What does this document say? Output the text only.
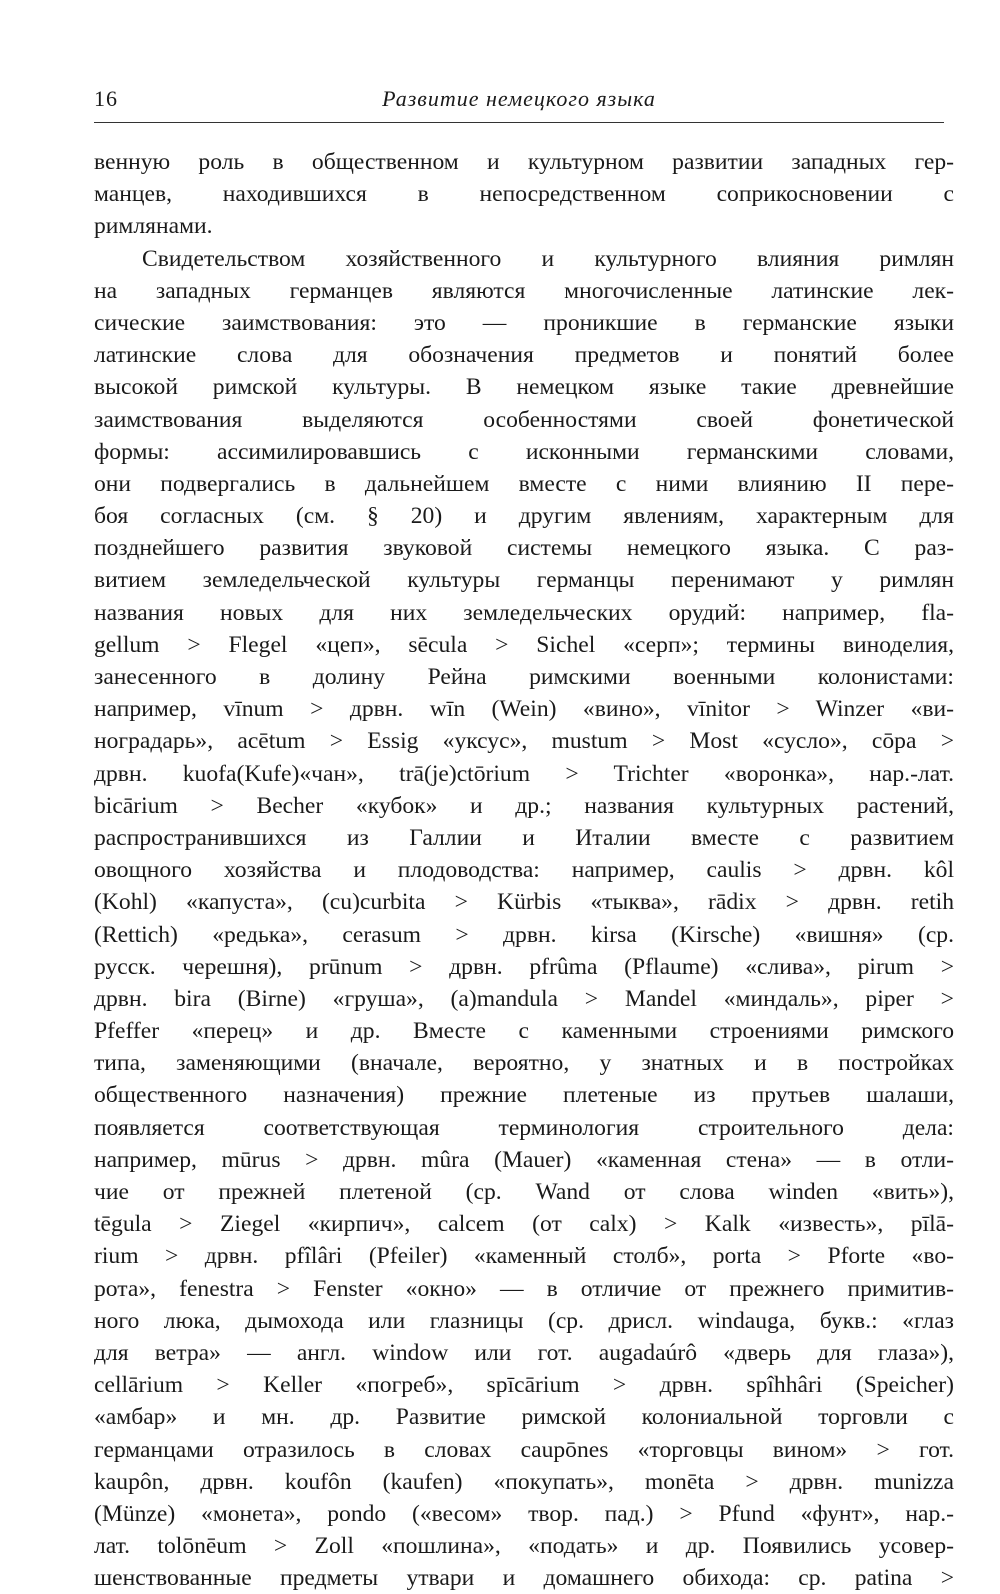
16	Развитие немецкого языка
венную роль в общественном и культурном развитии западных гер-
манцев, находившихся в непосредственном соприкосновении с
римлянами.
Свидетельством хозяйственного и культурного влияния римлян
на западных германцев являются многочисленные латинские лек-
сические заимствования: это — проникшие в германские языки
латинские слова для обозначения предметов и понятий более
высокой римской культуры. В немецком языке такие древнейшие
заимствования выделяются особенностями своей фонетической
формы: ассимилировавшись с исконными германскими словами,
они подвергались в дальнейшем вместе с ними влиянию II пере-
боя согласных (см. § 20) и другим явлениям, характерным для
позднейшего развития звуковой системы немецкого языка. С раз-
витием земледельческой культуры германцы перенимают у римлян
названия новых для них земледельческих орудий: например, fla-
gellum > Flegel «цеп», sēcula > Sichel «серп»; термины виноделия,
занесенного в долину Рейна римскими военными колонистами:
например, vīnum > дрвн. wīn (Wein) «вино», vīnitor > Winzer «ви-
ноградарь», acētum > Essig «уксус», mustum > Most «сусло», cōpa >
дрвн. kuofa(Kufe)«чан», trā(je)ctōrium > Trichter «воронка», нар.-лат.
bicārium > Becher «кубок» и др.; названия культурных растений,
распространившихся из Галлии и Италии вместе с развитием
овощного хозяйства и плодоводства: например, caulis > дрвн. kôl
(Kohl) «капуста», (cu)curbita > Kürbis «тыква», rādix > дрвн. retih
(Rettich) «редька», cerasum > дрвн. kirsa (Kirsche) «вишня» (ср.
русск. черешня), prūnum > дрвн. pfrûma (Pflaume) «слива», pirum >
дрвн. bira (Birne) «груша», (a)mandula > Mandel «миндаль», piper >
Pfeffer «перец» и др. Вместе с каменными строениями римского
типа, заменяющими (вначале, вероятно, у знатных и в постройках
общественного назначения) прежние плетеные из прутьев шалаши,
появляется соответствующая терминология строительного дела:
например, mūrus > дрвн. mûra (Mauer) «каменная стена» — в отли-
чие от прежней плетеной (ср. Wand от слова winden «вить»),
tēgula > Ziegel «кирпич», calcem (от calx) > Kalk «известь», pīlā-
rium > дрвн. pfîlâri (Pfeiler) «каменный столб», porta > Pforte «во-
рота», fenestra > Fenster «окно» — в отличие от прежнего примитив-
ного люка, дымохода или глазницы (ср. дрисл. windauga, букв.: «глаз
для ветра» — англ. window или гот. augadaúrô «дверь для глаза»),
cellārium > Keller «погреб», spīcārium > дрвн. spîhhâri (Speicher)
«амбар» и мн. др. Развитие римской колониальной торговли с
германцами отразилось в словах caupōnes «торговцы вином» > гот.
kaupôn, дрвн. koufôn (kaufen) «покупать», monēta > дрвн. munizza
(Münze) «монета», pondo («весом» твор. пад.) > Pfund «фунт», нар.-
лат. tolōnēum > Zoll «пошлина», «подать» и др. Появились усовер-
шенствованные предметы утвари и домашнего обихода: ср. patina >
